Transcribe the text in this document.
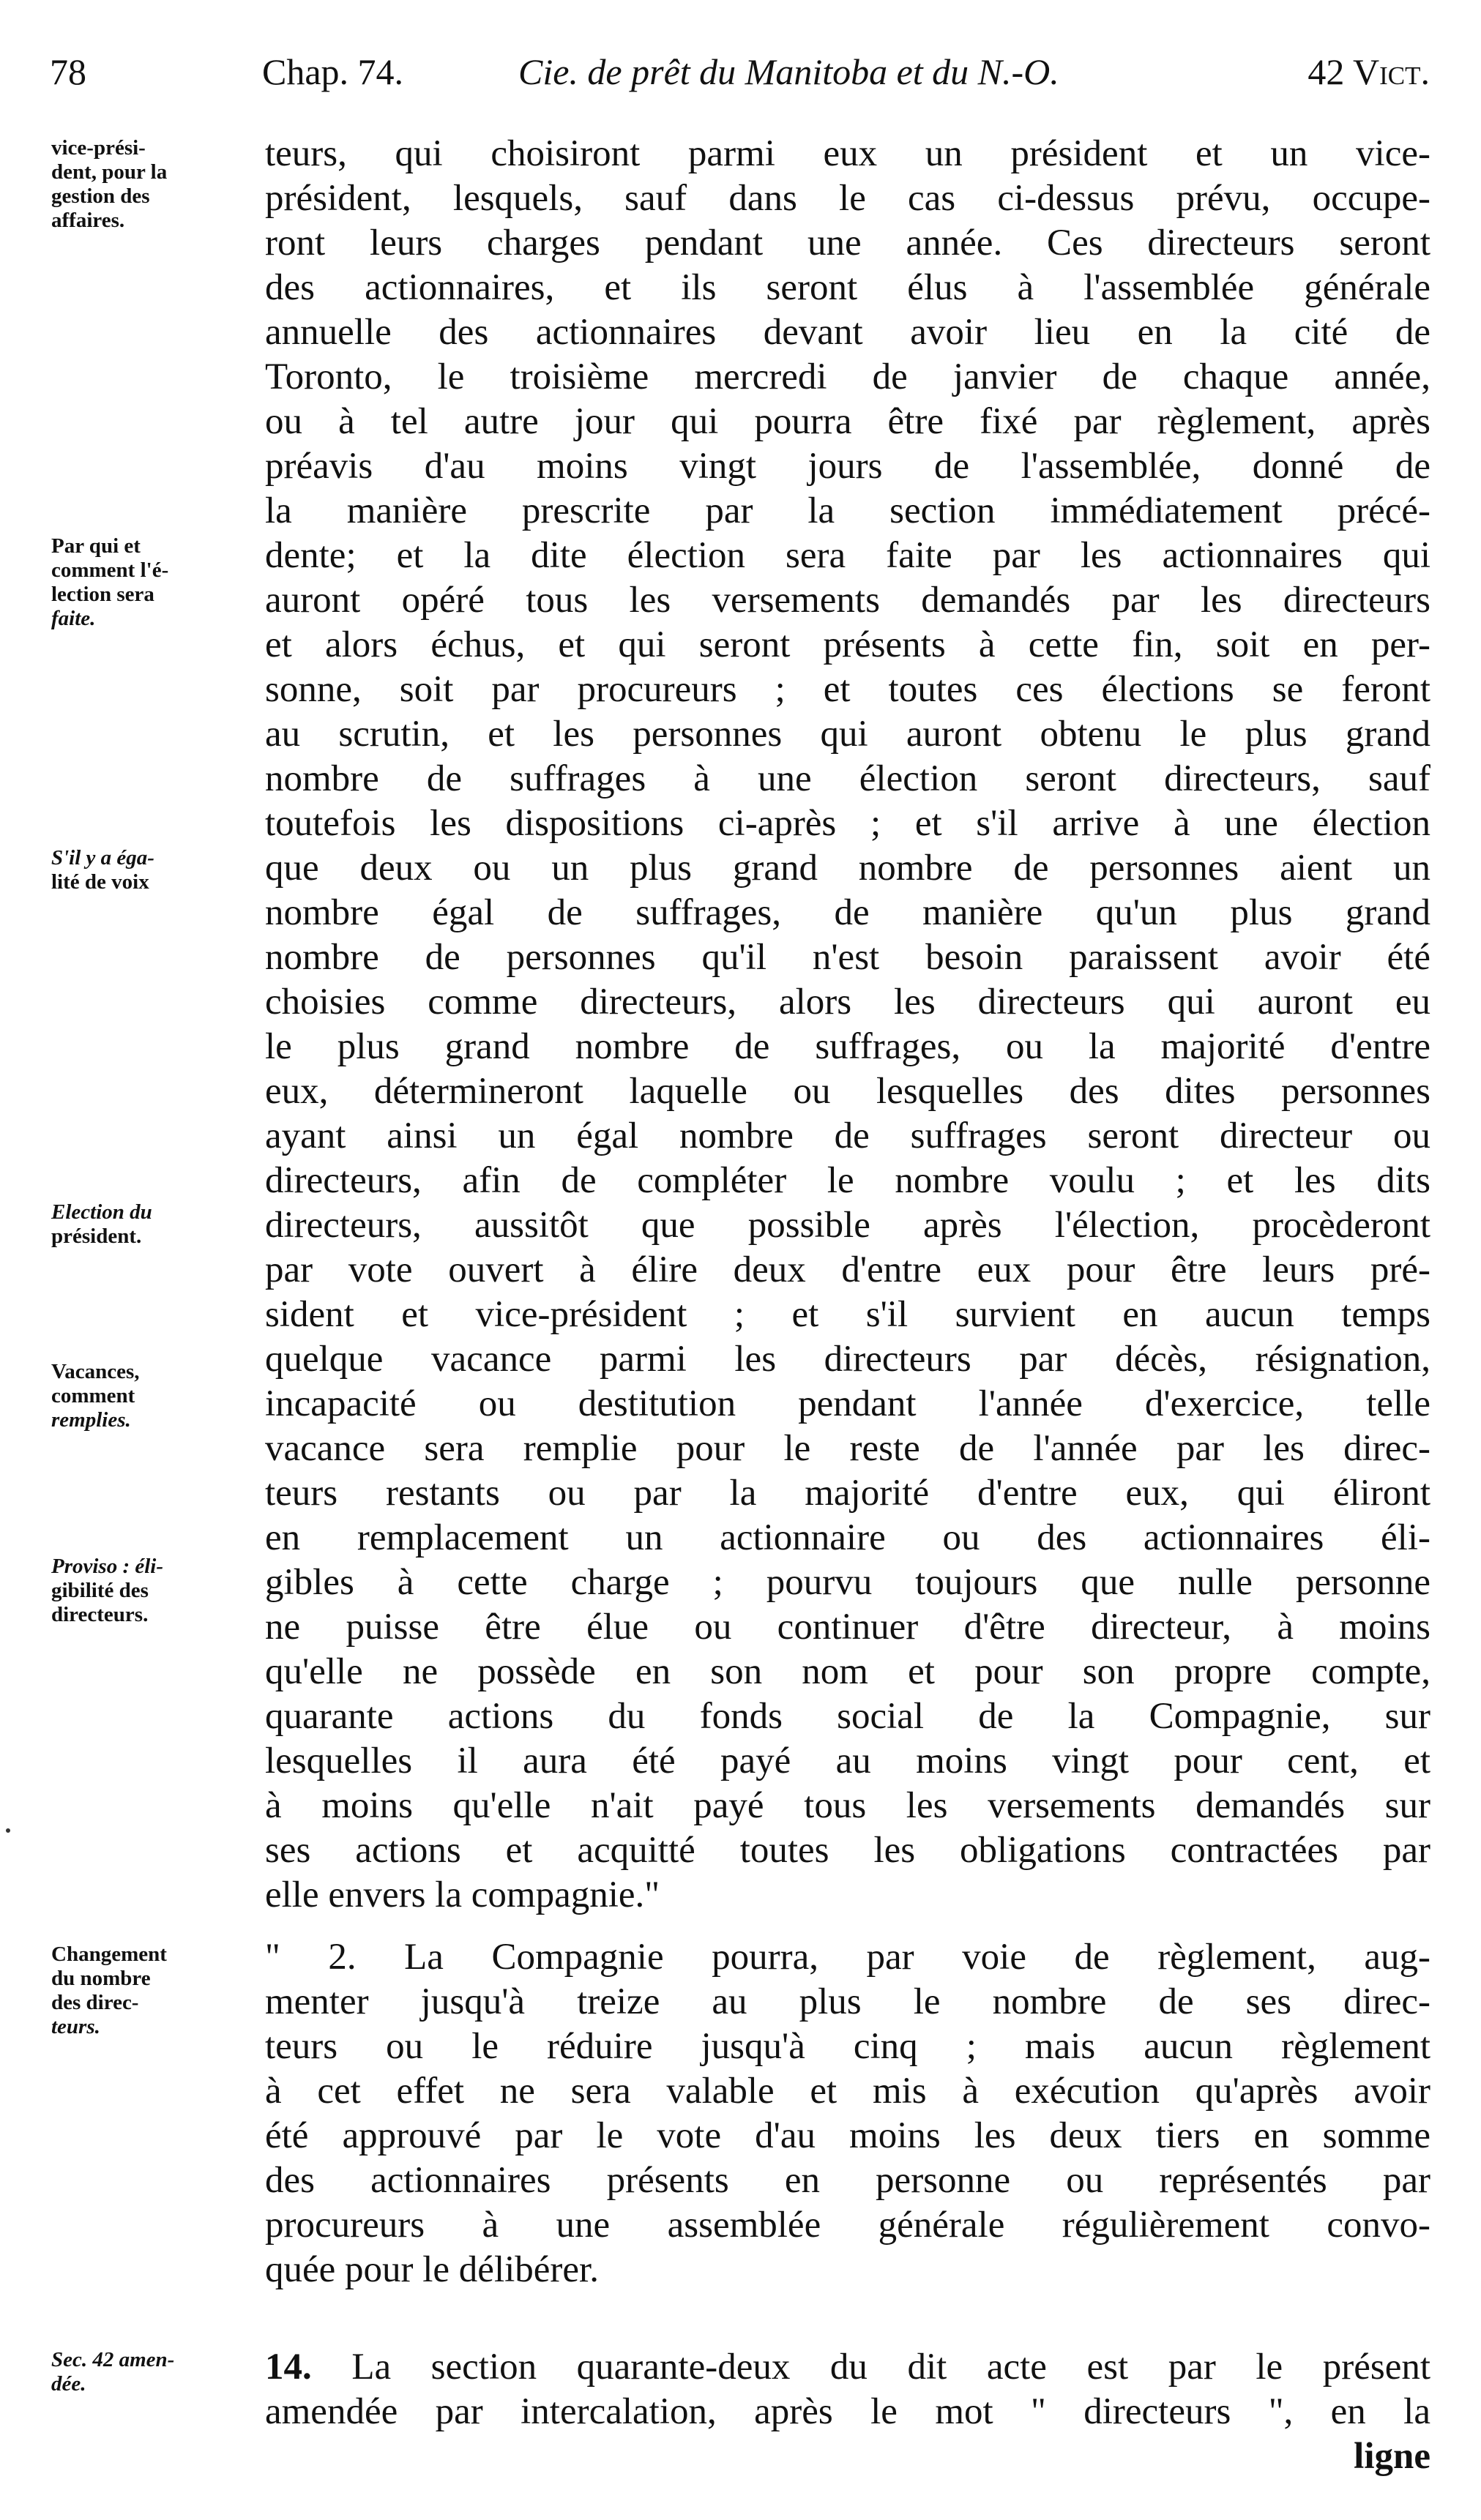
78	Chap. 74.	Cie. de prêt du Manitoba et du N.-O.	42 Vict.
vice-prési-
dent, pour la
gestion des
affaires.
Par qui et
comment l'é-
lection sera
faite.
S'il y a éga-
lité de voix
Election du
président.
Vacances,
comment
remplies.
Proviso : éli-
gibilité des
directeurs.
Changement
du nombre
des direc-
teurs.
Sec. 42 amen-
dée.
teurs, qui choisiront parmi eux un président et un vice-
président, lesquels, sauf dans le cas ci-dessus prévu, occupe-
ront leurs charges pendant une année. Ces directeurs seront
des actionnaires, et ils seront élus à l'assemblée générale
annuelle des actionnaires devant avoir lieu en la cité de
Toronto, le troisième mercredi de janvier de chaque année,
ou à tel autre jour qui pourra être fixé par règlement, après
préavis d'au moins vingt jours de l'assemblée, donné de
la manière prescrite par la section immédiatement précé-
dente; et la dite élection sera faite par les actionnaires qui
auront opéré tous les versements demandés par les directeurs
et alors échus, et qui seront présents à cette fin, soit en per-
sonne, soit par procureurs ; et toutes ces élections se feront
au scrutin, et les personnes qui auront obtenu le plus grand
nombre de suffrages à une élection seront directeurs, sauf
toutefois les dispositions ci-après ; et s'il arrive à une élection
que deux ou un plus grand nombre de personnes aient un
nombre égal de suffrages, de manière qu'un plus grand
nombre de personnes qu'il n'est besoin paraissent avoir été
choisies comme directeurs, alors les directeurs qui auront eu
le plus grand nombre de suffrages, ou la majorité d'entre
eux, détermineront laquelle ou lesquelles des dites personnes
ayant ainsi un égal nombre de suffrages seront directeur ou
directeurs, afin de compléter le nombre voulu ; et les dits
directeurs, aussitôt que possible après l'élection, procèderont
par vote ouvert à élire deux d'entre eux pour être leurs pré-
sident et vice-président ; et s'il survient en aucun temps
quelque vacance parmi les directeurs par décès, résignation,
incapacité ou destitution pendant l'année d'exercice, telle
vacance sera remplie pour le reste de l'année par les direc-
teurs restants ou par la majorité d'entre eux, qui éliront
en remplacement un actionnaire ou des actionnaires éli-
gibles à cette charge ; pourvu toujours que nulle personne
ne puisse être élue ou continuer d'être directeur, à moins
qu'elle ne possède en son nom et pour son propre compte,
quarante actions du fonds social de la Compagnie, sur
lesquelles il aura été payé au moins vingt pour cent, et
à moins qu'elle n'ait payé tous les versements demandés sur
ses actions et acquitté toutes les obligations contractées par
elle envers la compagnie."
" 2. La Compagnie pourra, par voie de règlement, aug-
menter jusqu'à treize au plus le nombre de ses direc-
teurs ou le réduire jusqu'à cinq ; mais aucun règlement
à cet effet ne sera valable et mis à exécution qu'après avoir
été approuvé par le vote d'au moins les deux tiers en somme
des actionnaires présents en personne ou représentés par
procureurs à une assemblée générale régulièrement convo-
quée pour le délibérer.
14. La section quarante-deux du dit acte est par le présent
amendée par intercalation, après le mot " directeurs ", en la
ligne
